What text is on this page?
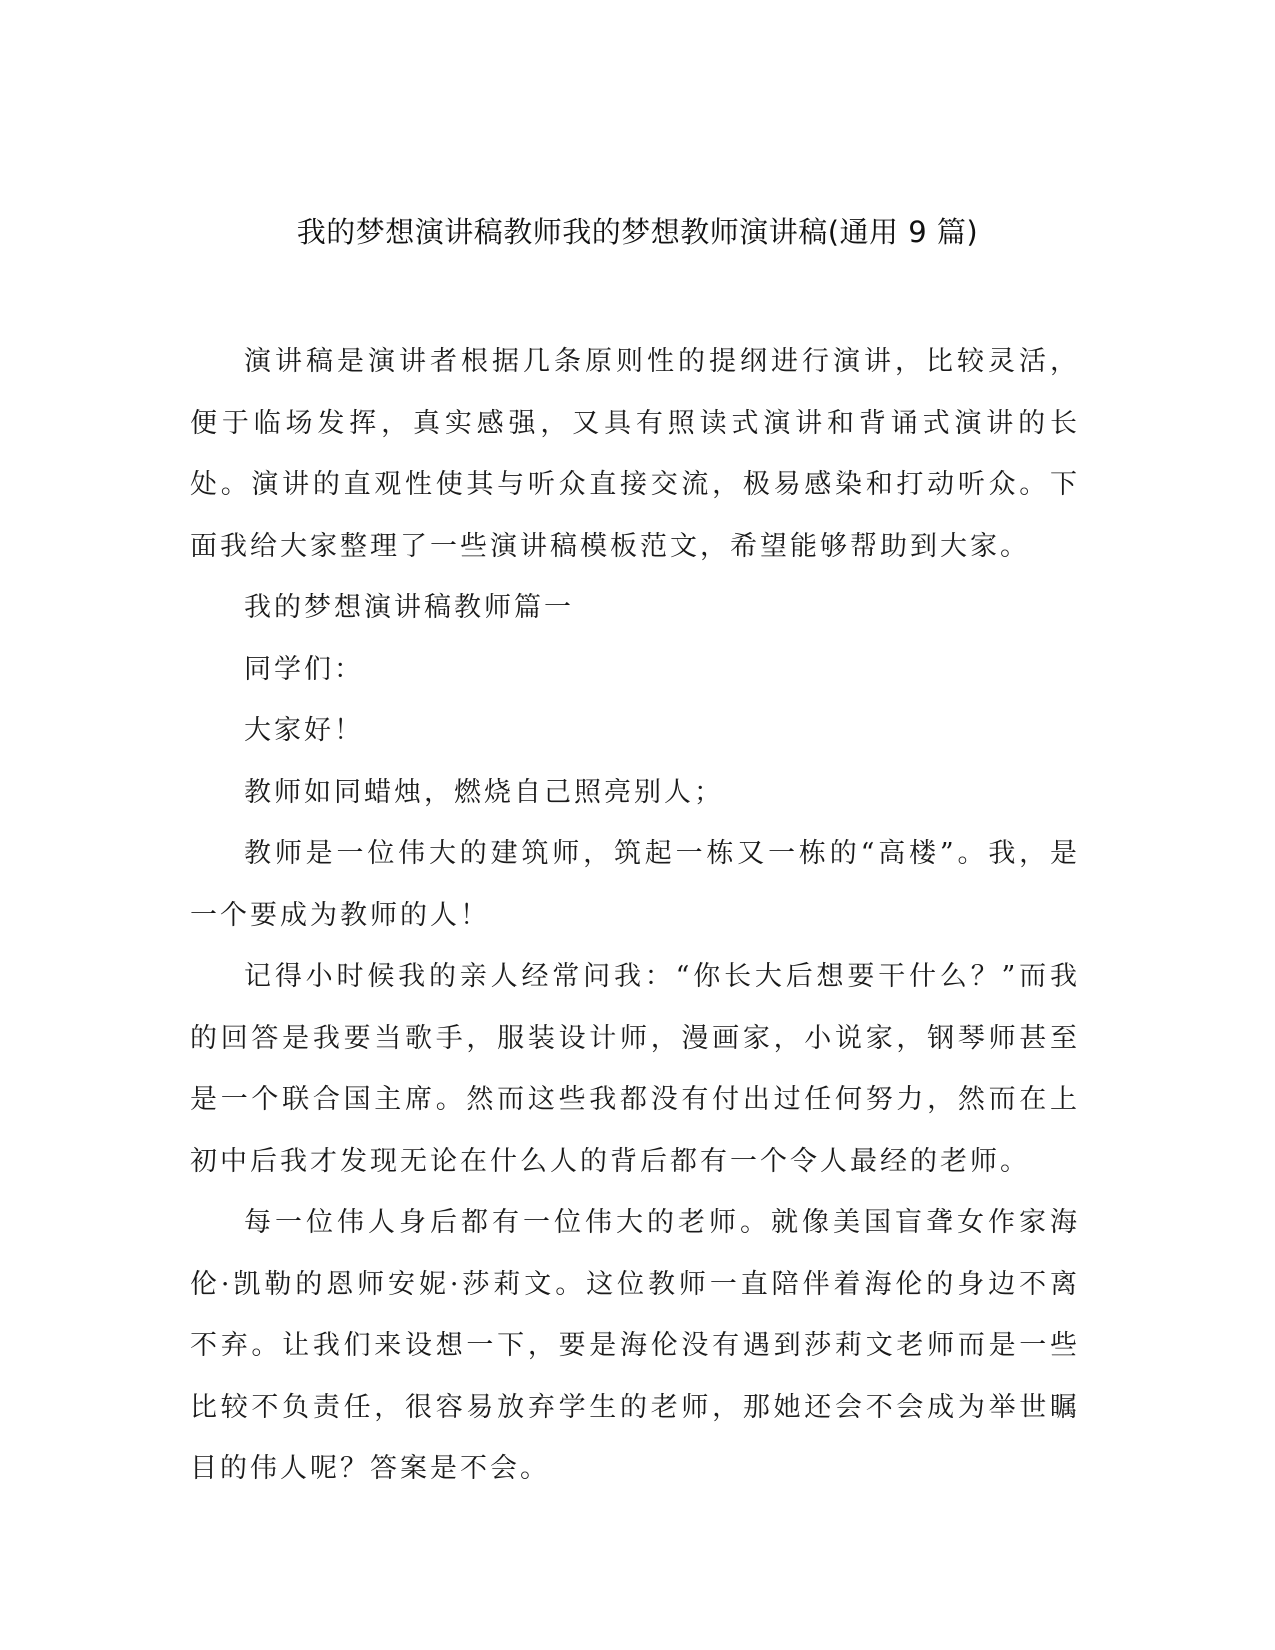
我的梦想演讲稿教师我的梦想教师演讲稿(通用 9 篇)

演讲稿是演讲者根据几条原则性的提纲进行演讲，比较灵活，便于临场发挥，真实感强，又具有照读式演讲和背诵式演讲的长处。演讲的直观性使其与听众直接交流，极易感染和打动听众。下面我给大家整理了一些演讲稿模板范文，希望能够帮助到大家。

我的梦想演讲稿教师篇一

同学们：

大家好！

教师如同蜡烛，燃烧自己照亮别人；

教师是一位伟大的建筑师，筑起一栋又一栋的“高楼”。我，是一个要成为教师的人！

记得小时候我的亲人经常问我：“你长大后想要干什么？”而我的回答是我要当歌手，服装设计师，漫画家，小说家，钢琴师甚至是一个联合国主席。然而这些我都没有付出过任何努力，然而在上初中后我才发现无论在什么人的背后都有一个令人最经的老师。

每一位伟人身后都有一位伟大的老师。就像美国盲聋女作家海伦·凯勒的恩师安妮·莎莉文。这位教师一直陪伴着海伦的身边不离不弃。让我们来设想一下，要是海伦没有遇到莎莉文老师而是一些比较不负责任，很容易放弃学生的老师，那她还会不会成为举世瞩目的伟人呢？答案是不会。
